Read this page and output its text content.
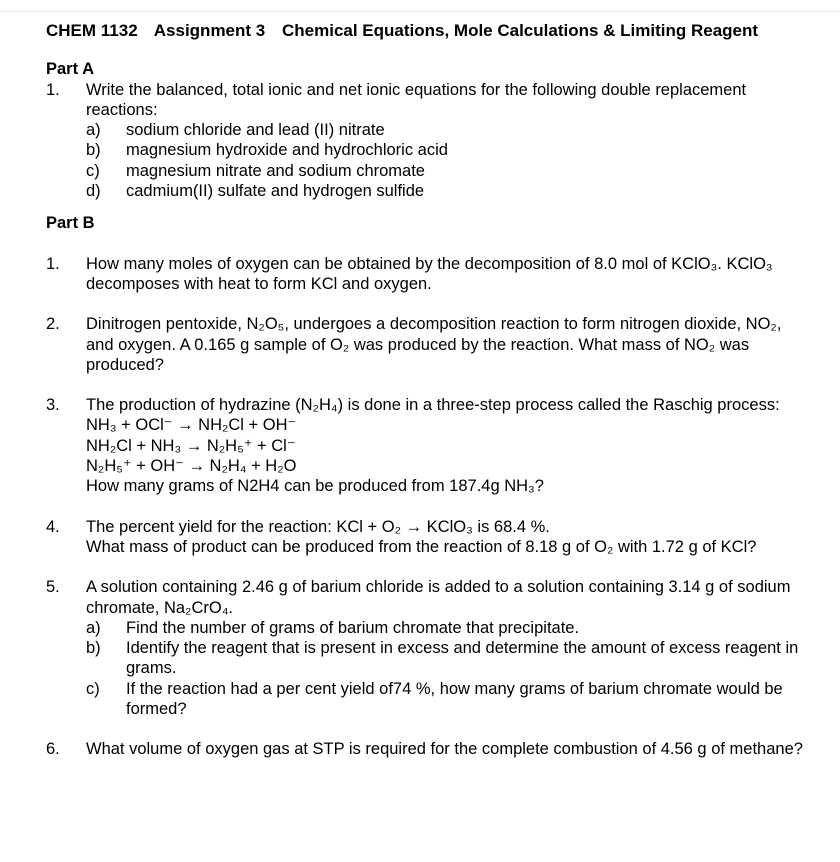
CHEM 1132 Assignment 3 Chemical Equations, Mole Calculations & Limiting Reagent
Part A
1.	Write the balanced, total ionic and net ionic equations for the following double replacement reactions:
a)	sodium chloride and lead (II) nitrate
b)	magnesium hydroxide and hydrochloric acid
c)	magnesium nitrate and sodium chromate
d)	cadmium(II) sulfate and hydrogen sulfide
Part B
1.	How many moles of oxygen can be obtained by the decomposition of 8.0 mol of KClO₃. KClO₃ decomposes with heat to form KCl and oxygen.
2.	Dinitrogen pentoxide, N₂O₅, undergoes a decomposition reaction to form nitrogen dioxide, NO₂, and oxygen. A 0.165 g sample of O₂ was produced by the reaction. What mass of NO₂ was produced?
3.	The production of hydrazine (N₂H₄) is done in a three-step process called the Raschig process:
NH₃ + OCl⁻ → NH₂Cl + OH⁻
NH₂Cl + NH₃ → N₂H₅⁺ + Cl⁻
N₂H₅⁺ + OH⁻ → N₂H₄ + H₂O
How many grams of N2H4 can be produced from 187.4g NH₃?
4.	The percent yield for the reaction: KCl + O₂ → KClO₃ is 68.4 %.
What mass of product can be produced from the reaction of 8.18 g of O₂ with 1.72 g of KCl?
5.	A solution containing 2.46 g of barium chloride is added to a solution containing 3.14 g of sodium chromate, Na₂CrO₄.
a)	Find the number of grams of barium chromate that precipitate.
b)	Identify the reagent that is present in excess and determine the amount of excess reagent in grams.
c)	If the reaction had a per cent yield of74 %, how many grams of barium chromate would be formed?
6.	What volume of oxygen gas at STP is required for the complete combustion of 4.56 g of methane?
